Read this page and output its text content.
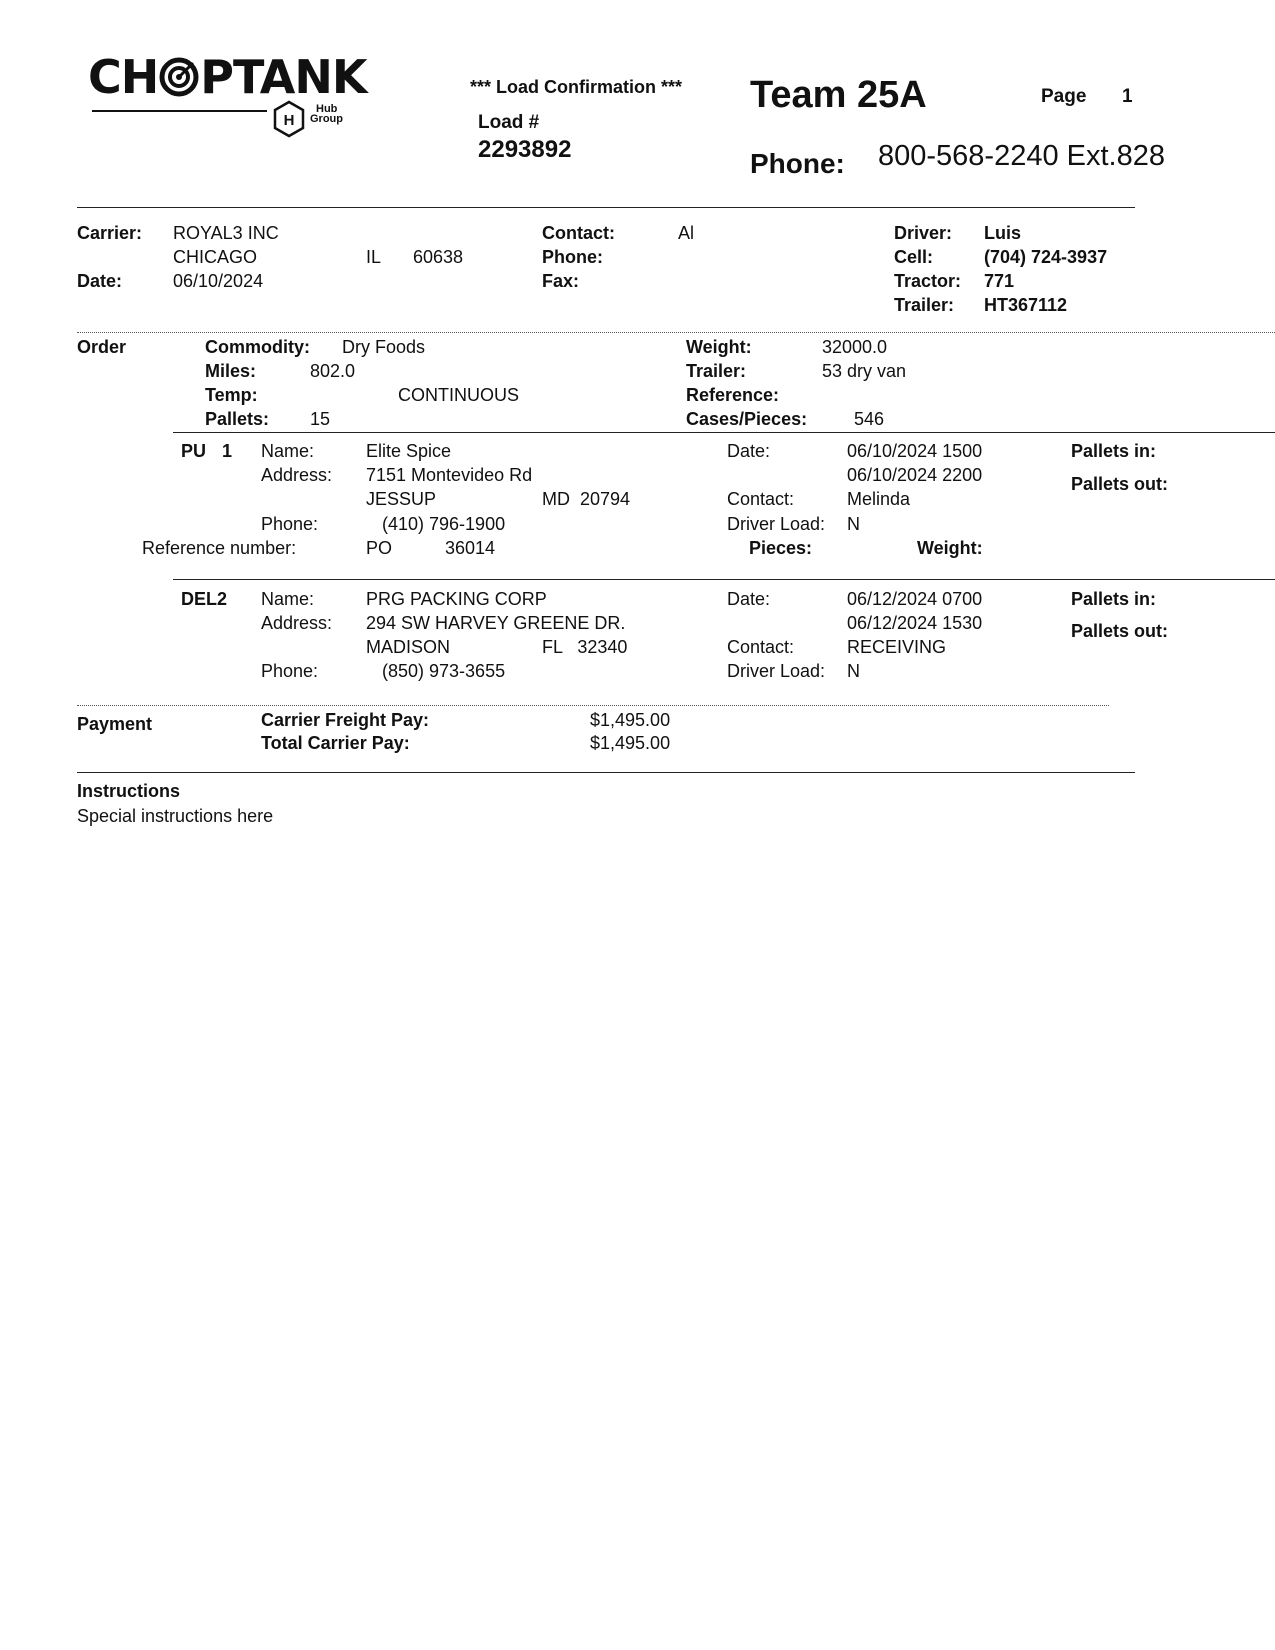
CH PTANK
H
Hub
Group
*** Load Confirmation ***
Load #
2293892
Team 25A	Page 1
Phone: 800-568-2240 Ext.828
Carrier: ROYAL3 INC
CHICAGO	IL 60638
Date:	06/10/2024
Contact:	Al
Phone:
Fax:
Driver: Luis
Cell:	(704) 724-3937
Tractor: 771
Trailer: HT367112
Order	Commodity: Dry Foods
Miles:	802.0
Temp:	CONTINUOUS
Pallets: 15
Weight:	32000.0
Trailer:	53 dry van
Reference:
Cases/Pieces:	546
PU 1 Name:	Elite Spice
Address: 7151 Montevideo Rd
JESSUP	MD  20794
Phone:	(410) 796-1900
Reference number:	PO	36014
Date:	06/10/2024 1500
06/10/2024 2200
Contact:	Melinda
Driver Load: N
Pieces:	Weight:
Pallets in:
Pallets out:
DEL2 Name:	PRG PACKING CORP
Address: 294 SW HARVEY GREENE DR.
MADISON	FL   32340
Phone:	(850) 973-3655
Date:	06/12/2024 0700
06/12/2024 1530
Contact:	RECEIVING
Driver Load: N
Pallets in:
Pallets out:
Payment	Carrier Freight Pay:	$1,495.00
Total Carrier Pay:	$1,495.00
Instructions
Special instructions here
